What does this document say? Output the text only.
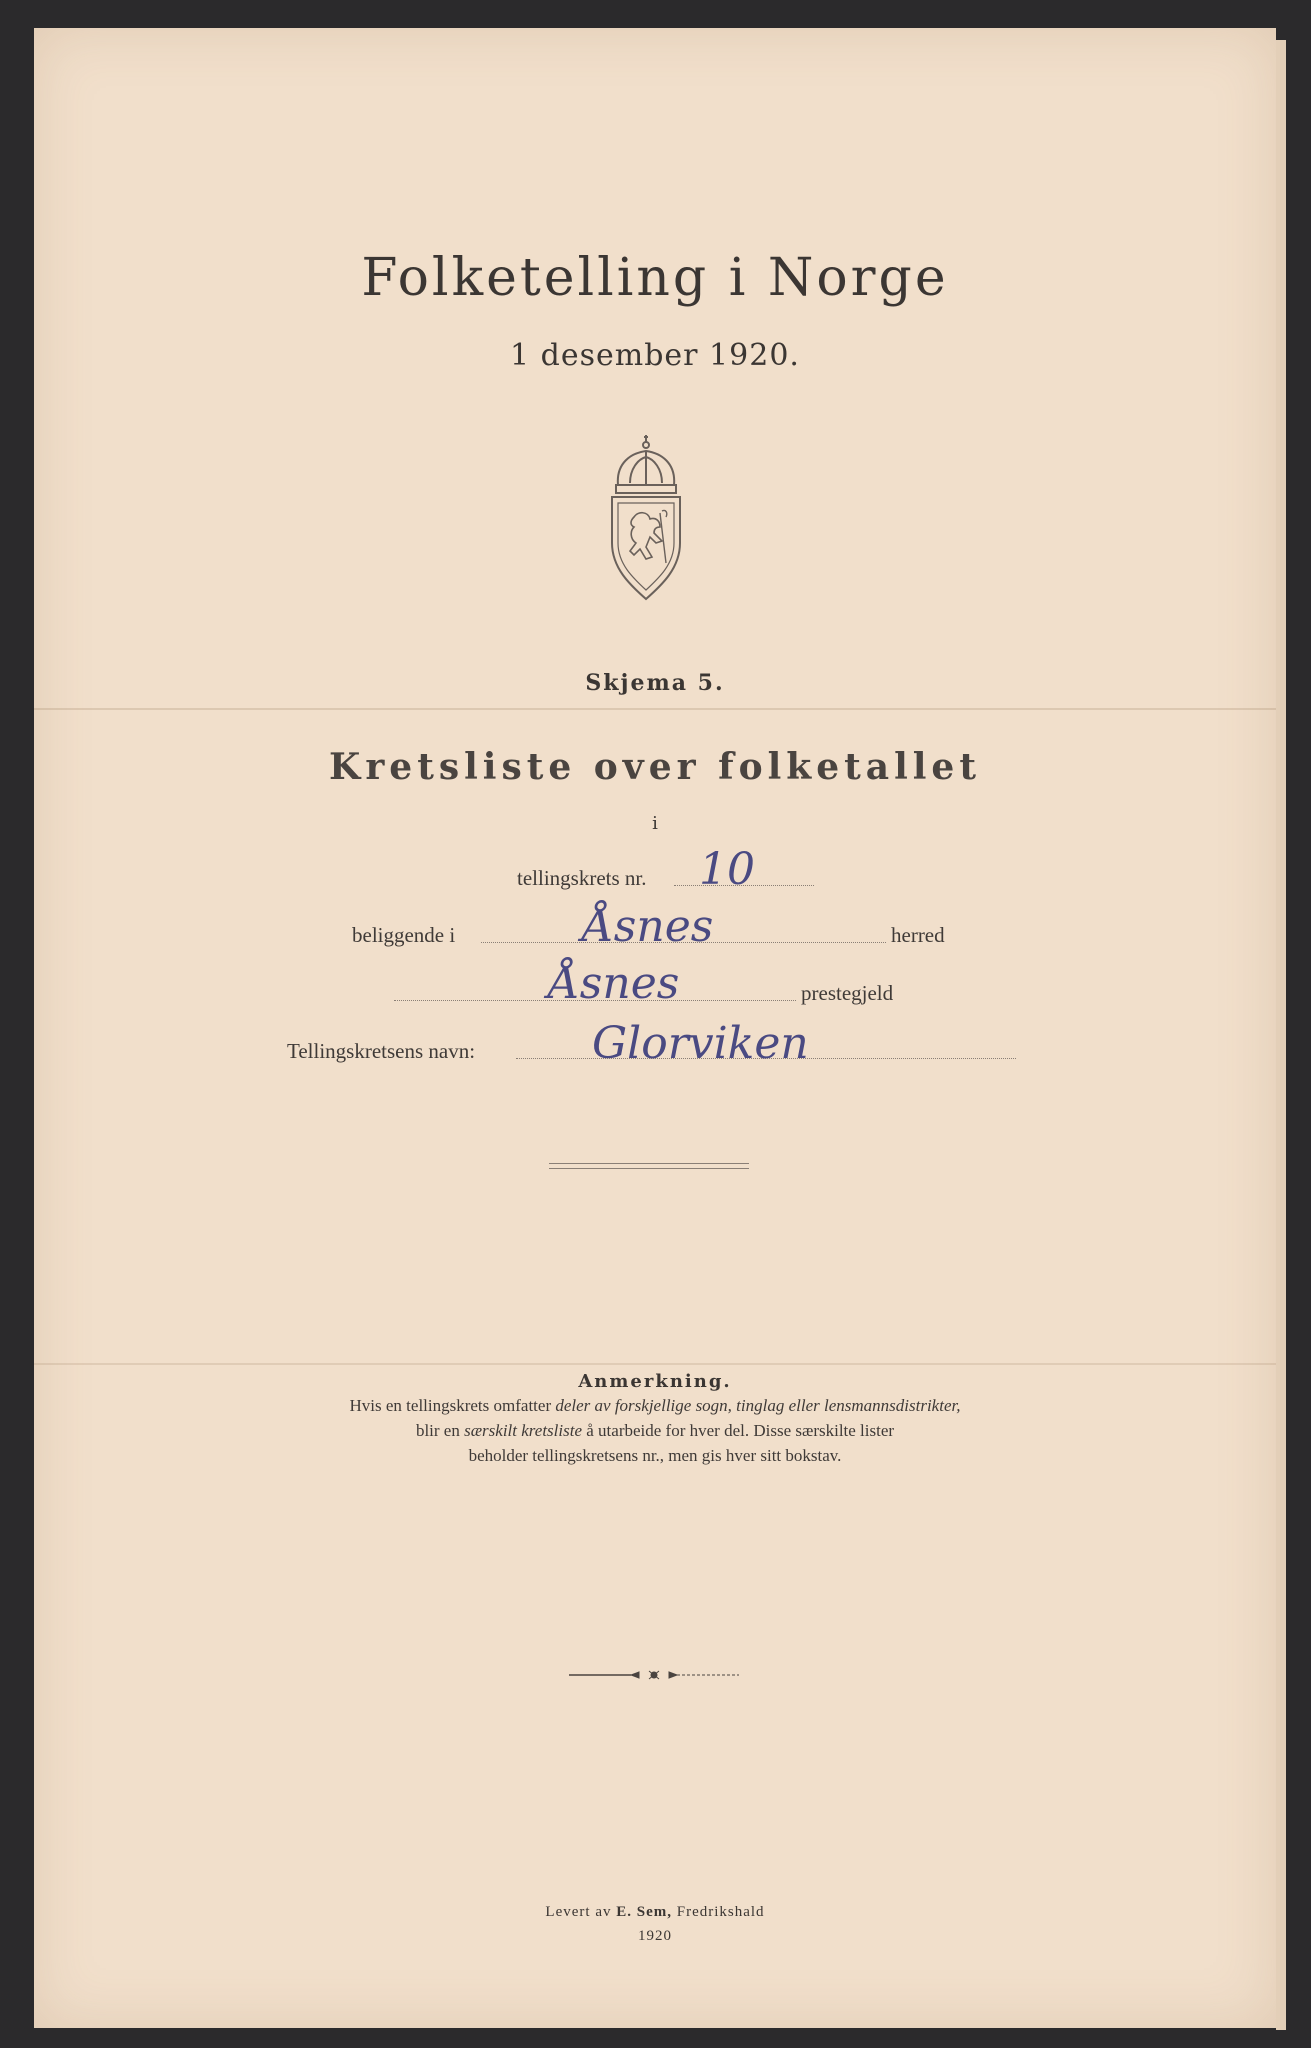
Folketelling i Norge
1 desember 1920.
Skjema 5.
Kretsliste over folketallet
i
tellingskrets nr. 10
beliggende i	Åsnes	herred
Åsnes	prestegjeld
Tellingskretsens navn:	Glorviken
Anmerkning.
Hvis en tellingskrets omfatter deler av forskjellige sogn, tinglag eller lensmannsdistrikter,
blir en særskilt kretsliste å utarbeide for hver del. Disse særskilte lister
beholder tellingskretsens nr., men gis hver sitt bokstav.
Levert av E. Sem, Fredrikshald
1920
